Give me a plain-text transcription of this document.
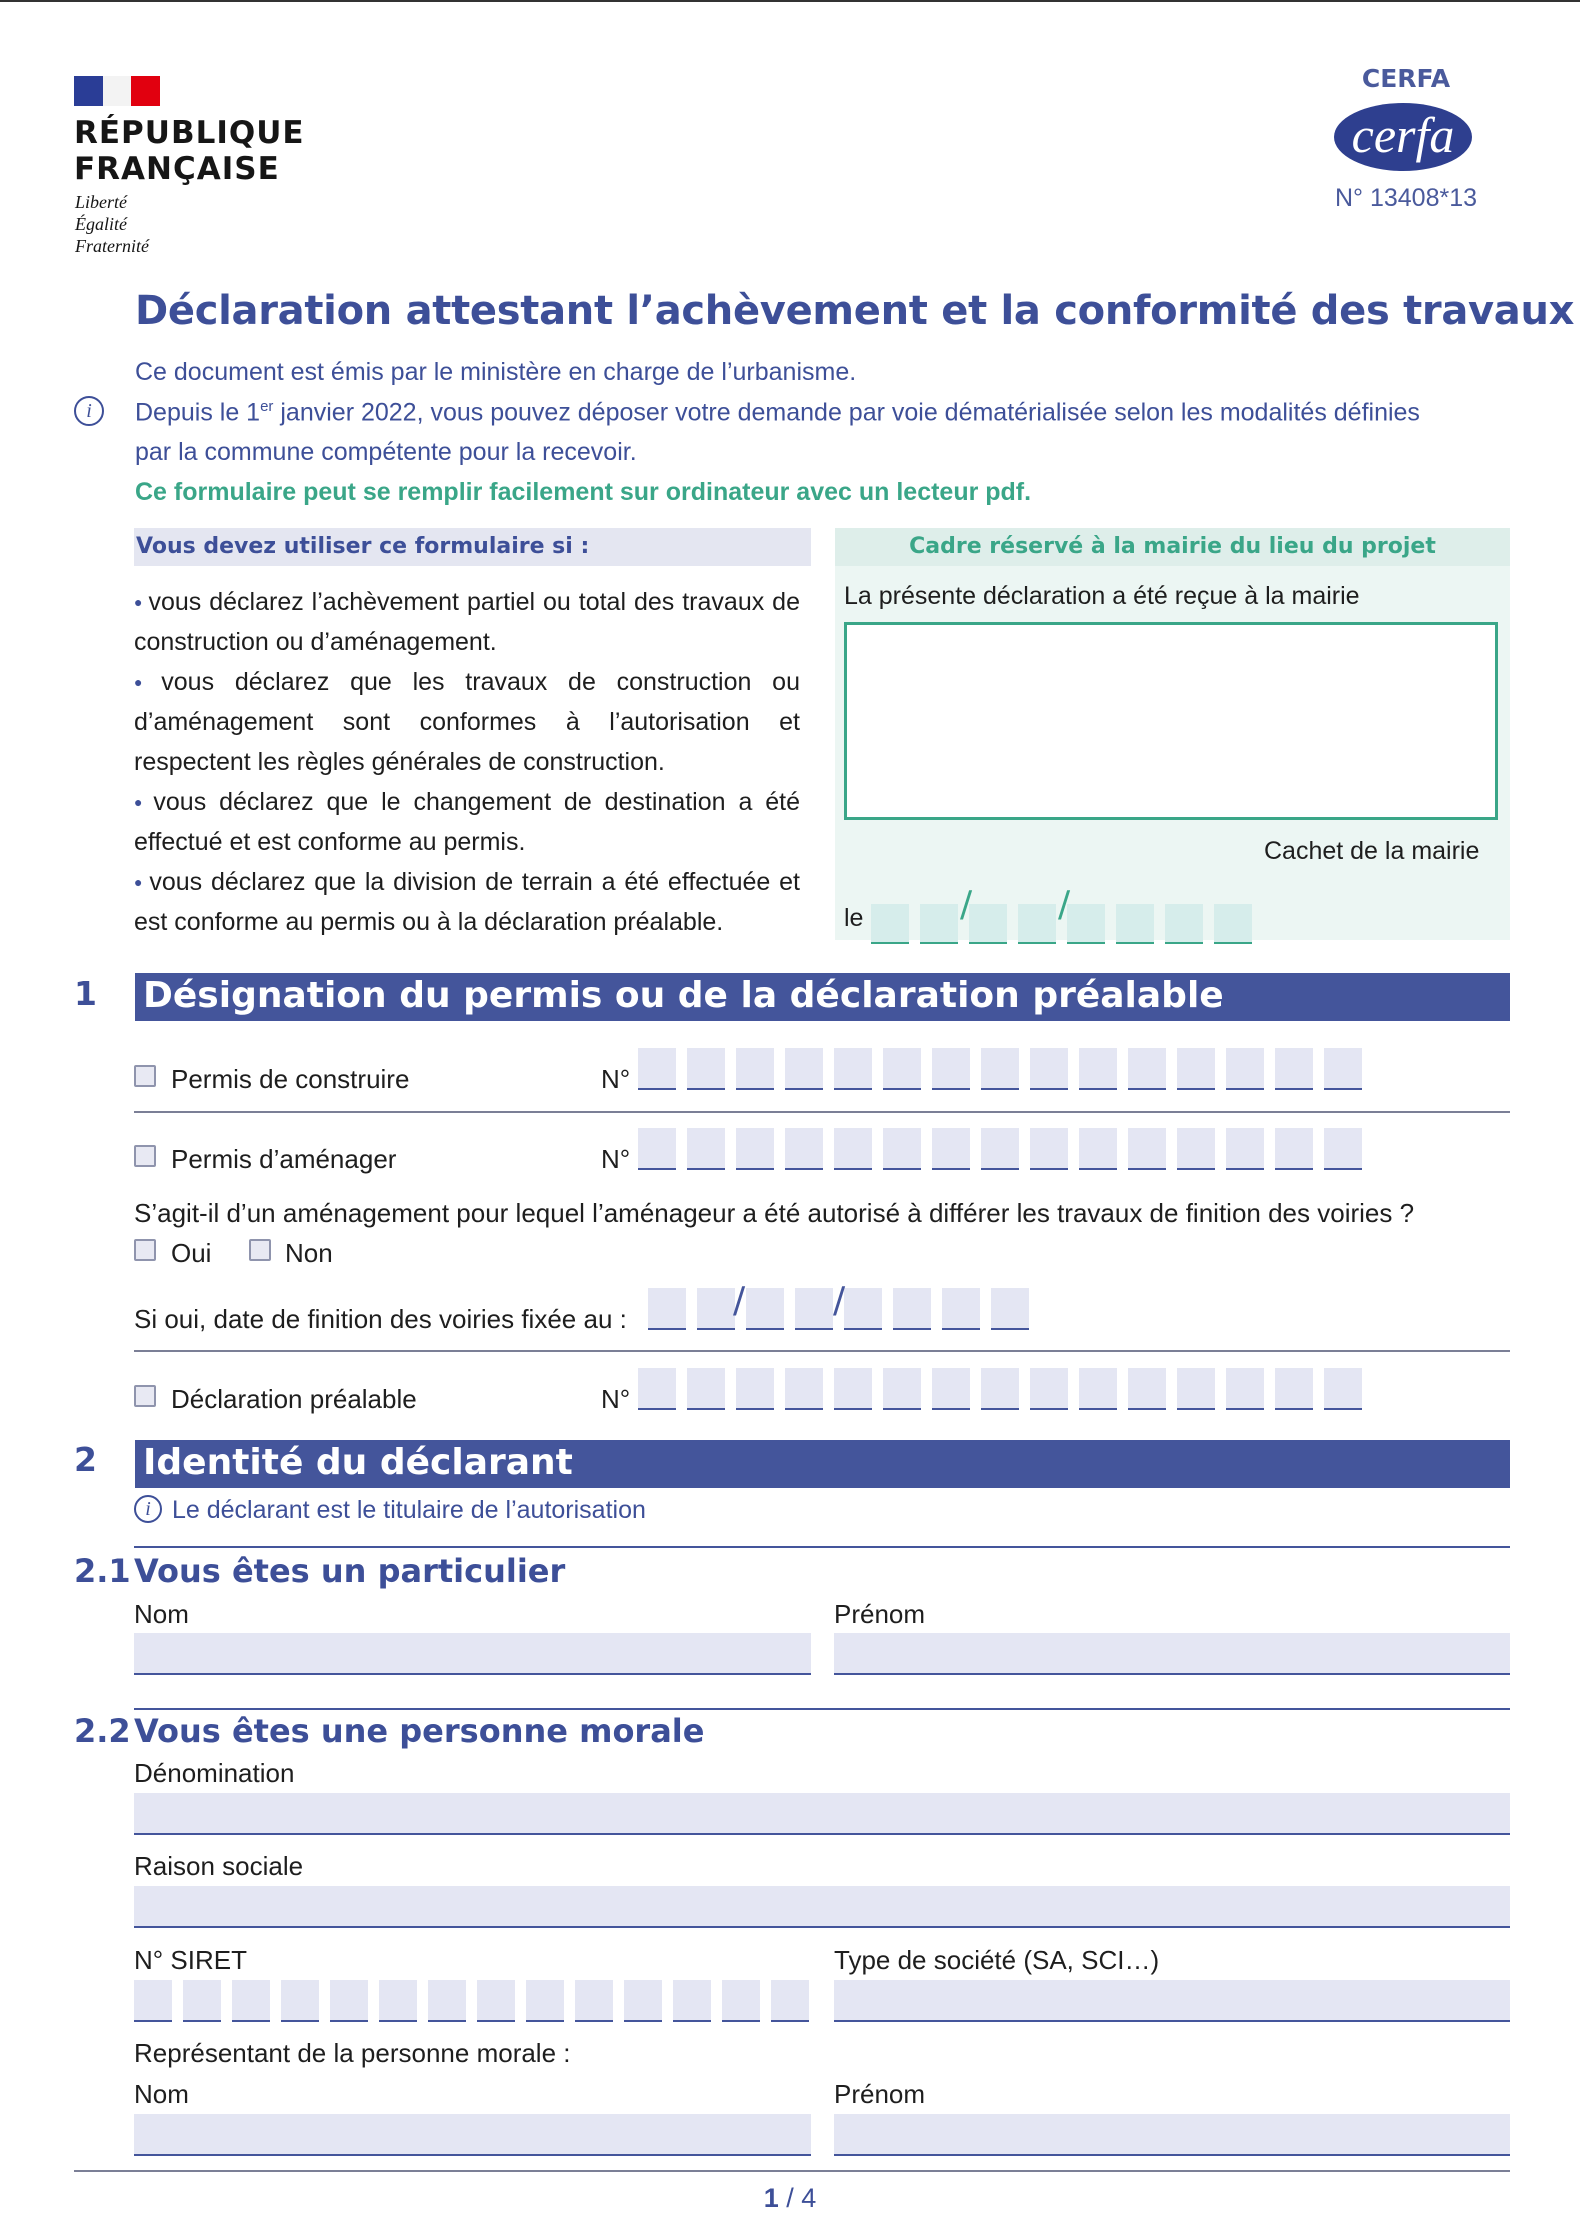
RÉPUBLIQUE
FRANÇAISE
Liberté
Égalité
Fraternité
CERFA
cerfa
N° 13408*13
Déclaration attestant l’achèvement et la conformité des travaux
Ce document est émis par le ministère en charge de l’urbanisme.
i	Depuis le 1er janvier 2022, vous pouvez déposer votre demande par voie dématérialisée selon les modalités définies
par la commune compétente pour la recevoir.
Ce formulaire peut se remplir facilement sur ordinateur avec un lecteur pdf.
Vous devez utiliser ce formulaire si :

● vous déclarez l’achèvement partiel ou total des travaux de construction ou d’aménagement.

● vous déclarez que les travaux de construction ou d’aménagement sont conformes à l’autorisation et respectent les règles générales de construction.

● vous déclarez que le changement de destination a été effectué et est conforme au permis.

● vous déclarez que la division de terrain a été effectuée et est conforme au permis ou à la déclaration préalable.

Cadre réservé à la mairie du lieu du projet
La présente déclaration a été reçue à la mairie
Cachet de la mairie
le	/ /
1 Désignation du permis ou de la déclaration préalable
Permis de construire	N°
Permis d’aménager	N°
S’agit-il d’un aménagement pour lequel l’aménageur a été autorisé à différer les travaux de finition des voiries ?
Oui	Non
Si oui, date de finition des voiries fixée au :	/ /
Déclaration préalable	N°
2 Identité du déclarant
i Le déclarant est le titulaire de l’autorisation
2.1 Vous êtes un particulier
Nom	Prénom
2.2 Vous êtes une personne morale
Dénomination
Raison sociale
N° SIRET	Type de société (SA, SCI…)
Représentant de la personne morale :
Nom	Prénom
1 / 4
